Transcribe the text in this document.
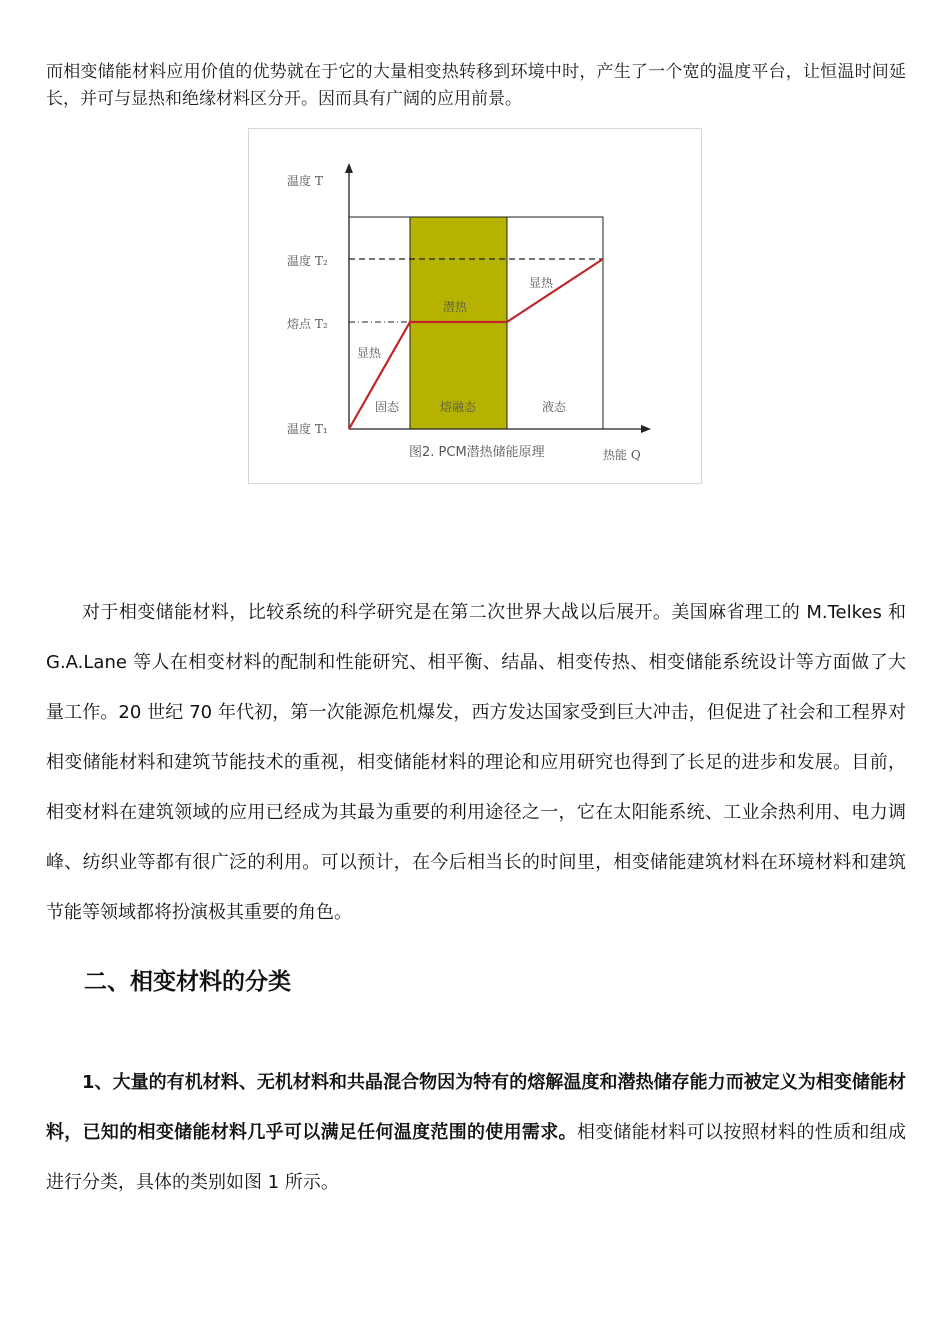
而相变储能材料应用价值的优势就在于它的大量相变热转移到环境中时，产生了一个宽的温度平台，让恒温时间延长，并可与显热和绝缘材料区分开。因而具有广阔的应用前景。

温度 T
温度 T₂
熔点 T₂
温度 T₁
显热
潜热
显热
固态	熔融态	液态
图2. PCM潜热储能原理	热能 Q

对于相变储能材料，比较系统的科学研究是在第二次世界大战以后展开。美国麻省理工的 M.Telkes 和 G.A.Lane 等人在相变材料的配制和性能研究、相平衡、结晶、相变传热、相变储能系统设计等方面做了大量工作。20 世纪 70 年代初，第一次能源危机爆发，西方发达国家受到巨大冲击，但促进了社会和工程界对相变储能材料和建筑节能技术的重视，相变储能材料的理论和应用研究也得到了长足的进步和发展。目前，相变材料在建筑领域的应用已经成为其最为重要的利用途径之一，它在太阳能系统、工业余热利用、电力调峰、纺织业等都有很广泛的利用。可以预计，在今后相当长的时间里，相变储能建筑材料在环境材料和建筑节能等领域都将扮演极其重要的角色。

二、相变材料的分类

1、大量的有机材料、无机材料和共晶混合物因为特有的熔解温度和潜热储存能力而被定义为相变储能材料，已知的相变储能材料几乎可以满足任何温度范围的使用需求。相变储能材料可以按照材料的性质和组成进行分类，具体的类别如图 1 所示。
